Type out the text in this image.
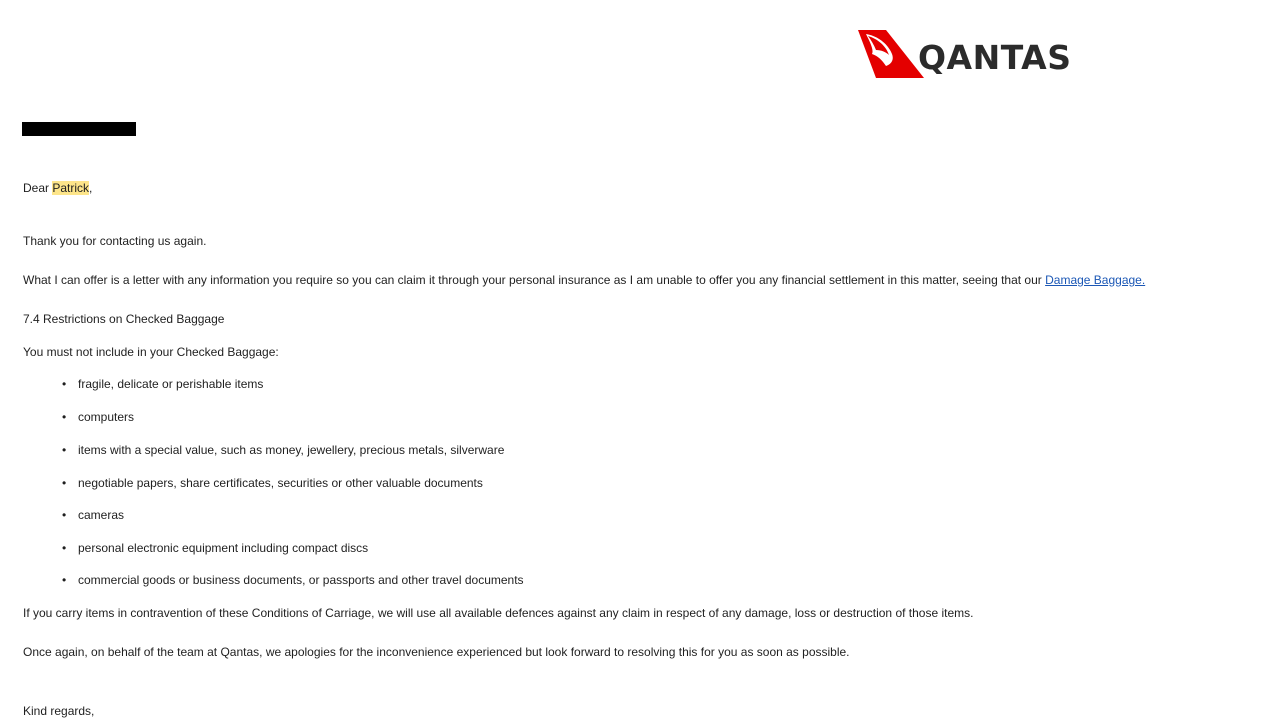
QANTAS
Dear Patrick,
Thank you for contacting us again.
What I can offer is a letter with any information you require so you can claim it through your personal insurance as I am unable to offer you any financial settlement in this matter, seeing that our Damage Baggage.
7.4 Restrictions on Checked Baggage
You must not include in your Checked Baggage:
• fragile, delicate or perishable items
• computers
• items with a special value, such as money, jewellery, precious metals, silverware
• negotiable papers, share certificates, securities or other valuable documents
• cameras
• personal electronic equipment including compact discs
• commercial goods or business documents, or passports and other travel documents
If you carry items in contravention of these Conditions of Carriage, we will use all available defences against any claim in respect of any damage, loss or destruction of those items.
Once again, on behalf of the team at Qantas, we apologies for the inconvenience experienced but look forward to resolving this for you as soon as possible.
Kind regards,
